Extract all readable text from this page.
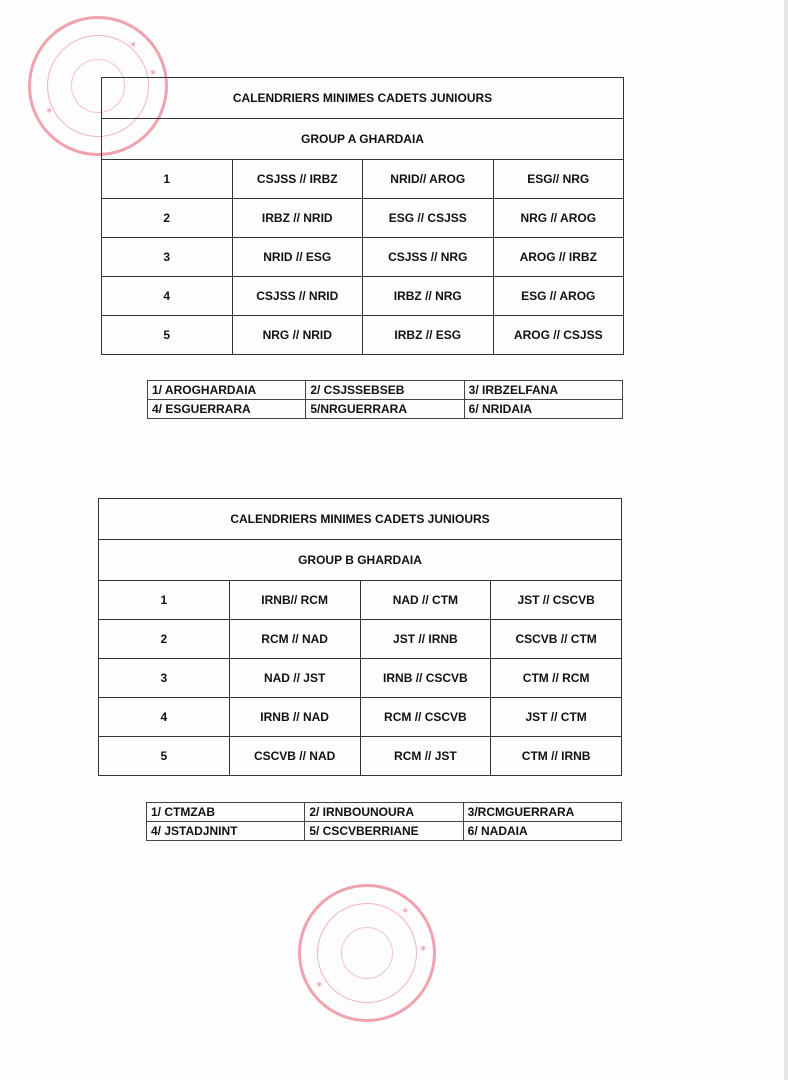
✶
✶
✶
CALENDRIERS MINIMES CADETS JUNIOURS			
GROUP A GHARDAIA			
1	CSJSS // IRBZ	NRID// AROG	ESG// NRG
2	IRBZ // NRID	ESG // CSJSS	NRG // AROG
3	NRID // ESG	CSJSS // NRG	AROG // IRBZ
4	CSJSS // NRID	IRBZ // NRG	ESG // AROG
5	NRG // NRID	IRBZ // ESG	AROG // CSJSS
1/ AROGHARDAIA	2/ CSJSSEBSEB	3/ IRBZELFANA
4/ ESGUERRARA	5/NRGUERRARA	6/ NRIDAIA
CALENDRIERS MINIMES CADETS JUNIOURS			
GROUP B GHARDAIA			
1	IRNB// RCM	NAD // CTM	JST // CSCVB
2	RCM // NAD	JST // IRNB	CSCVB // CTM
3	NAD // JST	IRNB // CSCVB	CTM // RCM
4	IRNB // NAD	RCM // CSCVB	JST // CTM
5	CSCVB // NAD	RCM // JST	CTM // IRNB
1/ CTMZAB	2/ IRNBOUNOURA	3/RCMGUERRARA
4/ JSTADJNINT	5/ CSCVBERRIANE	6/ NADAIA
✶
✶
✶
